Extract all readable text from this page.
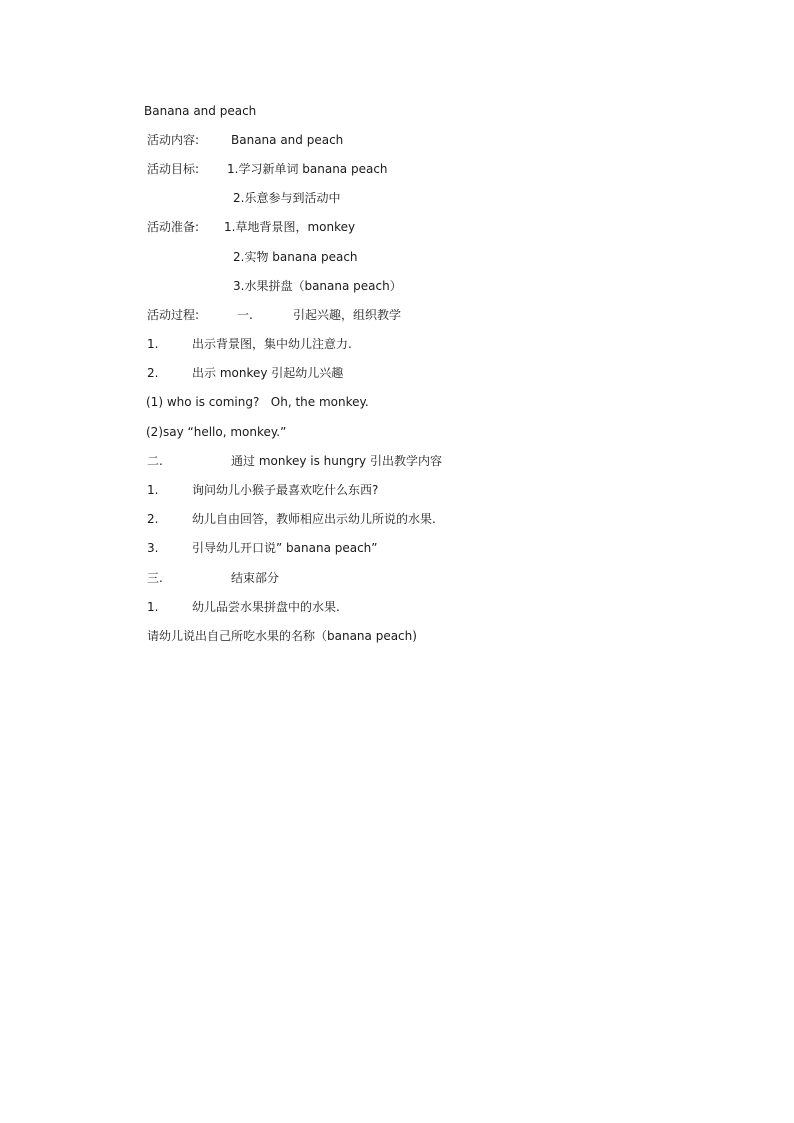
Banana and peach

活动内容:

	Banana and peach

活动目标:

1.学习新单词 banana peach

2.乐意参与到活动中

活动准备:

1.草地背景图，monkey

2.实物 banana peach

3.水果拼盘（banana peach）

活动过程:

	一.

	引起兴趣，组织教学

1.

	出示背景图，集中幼儿注意力.

2.

	出示 monkey 引起幼儿兴趣

(1) who is coming?   Oh, the monkey.

(2)say “hello, monkey.”

二.

	通过 monkey is hungry 引出教学内容

1.

	询问幼儿小猴子最喜欢吃什么东西?

2.

	幼儿自由回答，教师相应出示幼儿所说的水果.

3.

	引导幼儿开口说” banana peach”

三.

	结束部分

1.

	幼儿品尝水果拼盘中的水果.

请幼儿说出自己所吃水果的名称（banana peach)
